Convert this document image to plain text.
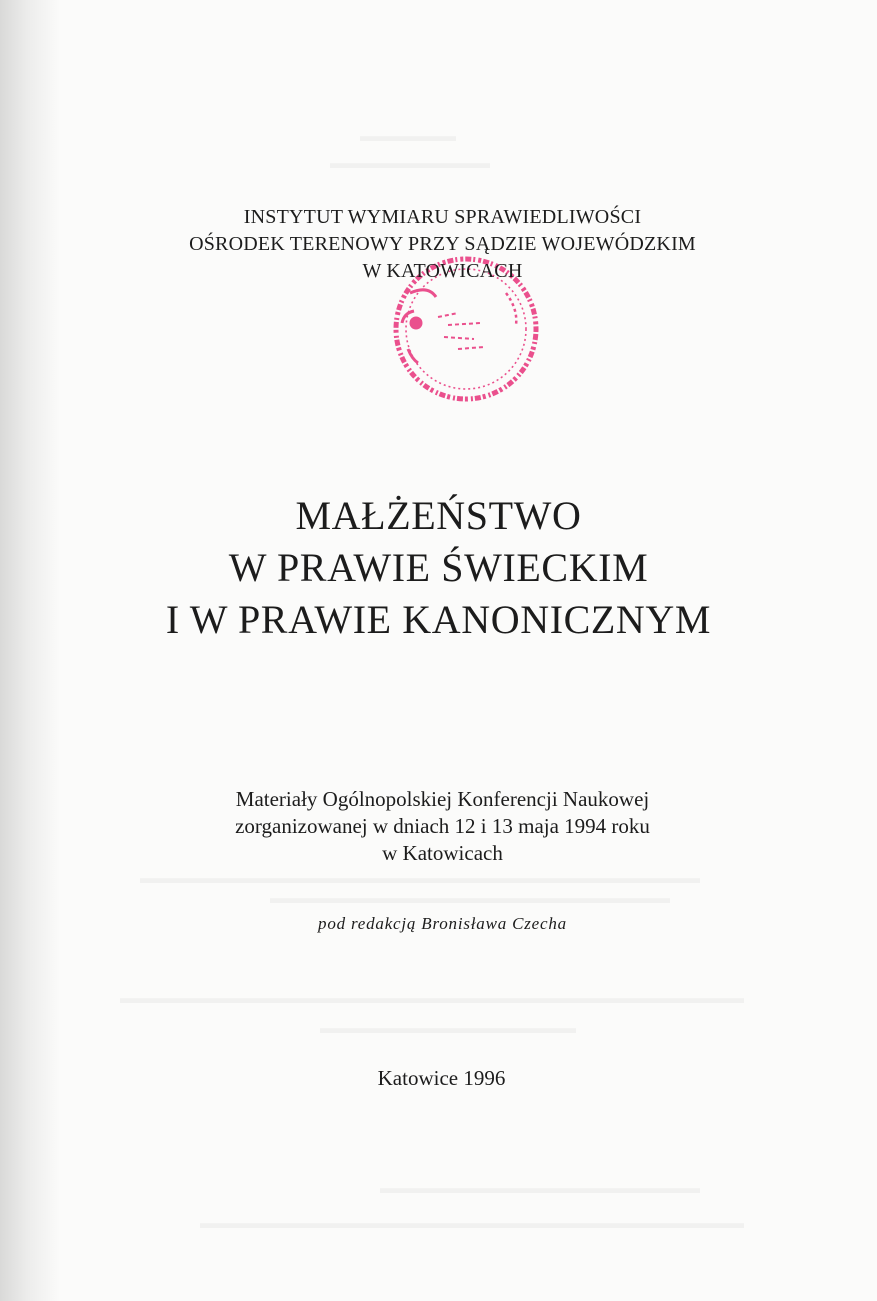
INSTYTUT WYMIARU SPRAWIEDLIWOŚCI
OŚRODEK TERENOWY PRZY SĄDZIE WOJEWÓDZKIM
W KATOWICACH
MAŁŻEŃSTWO
W PRAWIE ŚWIECKIM
I W PRAWIE KANONICZNYM
Materiały Ogólnopolskiej Konferencji Naukowej
zorganizowanej w dniach 12 i 13 maja 1994 roku
w Katowicach
pod redakcją Bronisława Czecha
Katowice 1996
